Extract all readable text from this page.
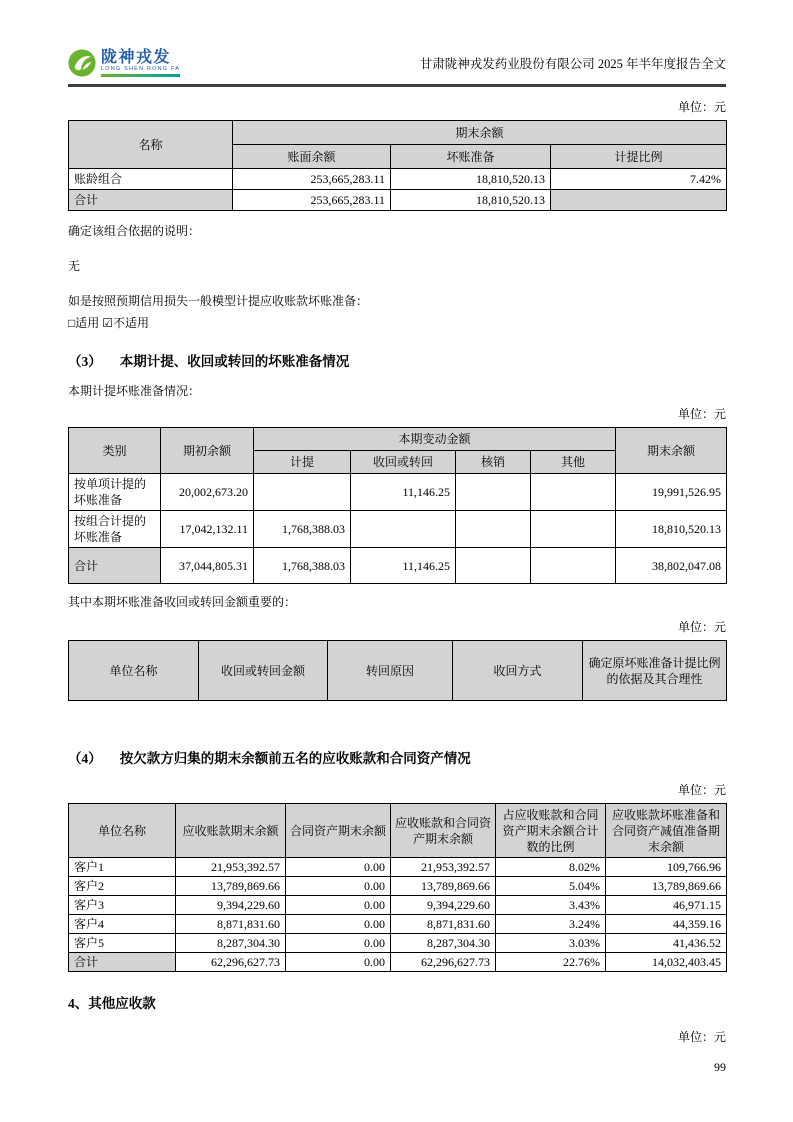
陇神戎发
LONG SHEN RONG FA	甘肃陇神戎发药业股份有限公司 2025 年半年度报告全文
单位：元
名称	期末余额		
	账面余额	坏账准备	计提比例
账龄组合	253,665,283.11	18,810,520.13	7.42%
合计	253,665,283.11	18,810,520.13	

确定该组合依据的说明：

无

如是按照预期信用损失一般模型计提应收账款坏账准备：

□适用 ☑不适用

（3） 本期计提、收回或转回的坏账准备情况

本期计提坏账准备情况：

单位：元
类别	期初余额	本期变动金额				期末余额
		计提	收回或转回	核销	其他	
按单项计提的坏账准备	20,002,673.20		11,146.25			19,991,526.95
按组合计提的坏账准备	17,042,132.11	1,768,388.03				18,810,520.13
合计	37,044,805.31	1,768,388.03	11,146.25			38,802,047.08

其中本期坏账准备收回或转回金额重要的：

单位：元
单位名称	收回或转回金额	转回原因	收回方式	确定原坏账准备计提比例的依据及其合理性
（4） 按欠款方归集的期末余额前五名的应收账款和合同资产情况
单位：元
单位名称	应收账款期末余额	合同资产期末余额	应收账款和合同资产期末余额	占应收账款和合同资产期末余额合计数的比例	应收账款坏账准备和合同资产减值准备期末余额
客户1	21,953,392.57	0.00	21,953,392.57	8.02%	109,766.96
客户2	13,789,869.66	0.00	13,789,869.66	5.04%	13,789,869.66
客户3	9,394,229.60	0.00	9,394,229.60	3.43%	46,971.15
客户4	8,871,831.60	0.00	8,871,831.60	3.24%	44,359.16
客户5	8,287,304.30	0.00	8,287,304.30	3.03%	41,436.52
合计	62,296,627.73	0.00	62,296,627.73	22.76%	14,032,403.45
4、其他应收款
单位：元
99
